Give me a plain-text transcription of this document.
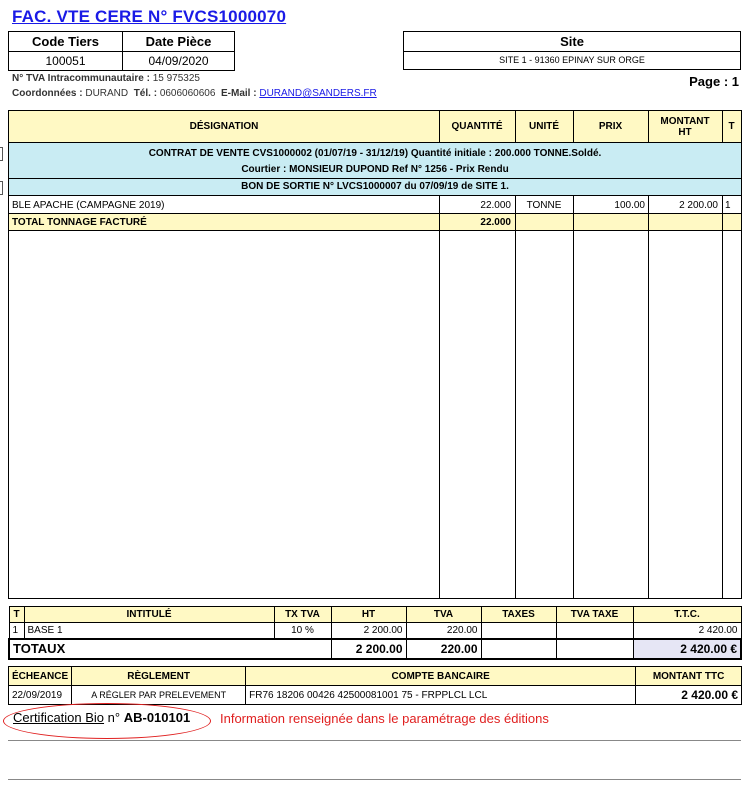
FAC. VTE CERE N° FVCS1000070
Code Tiers	Date Pièce
100051	04/09/2020
Site
SITE 1 - 91360 EPINAY SUR ORGE
N° TVA Intracommunautaire : 15 975325
Coordonnées : DURAND Tél. : 0606060606 E-Mail : DURAND@SANDERS.FR
Page : 1
DÉSIGNATION	QUANTITÉ	UNITÉ	PRIX	MONTANT HT	T
CONTRAT DE VENTE CVS1000002 (01/07/19 - 31/12/19) Quantité initiale : 200.000 TONNE.Soldé.
Courtier : MONSIEUR DUPOND Ref N° 1256 - Prix Rendu
BON DE SORTIE N° LVCS1000007 du 07/09/19 de SITE 1.
BLE APACHE (CAMPAGNE 2019)	22.000	TONNE	100.00	2 200.00 1
TOTAL TONNAGE FACTURÉ	22.000
T	INTITULÉ	TX TVA	HT	TVA	TAXES	TVA TAXE	T.T.C.
1	BASE 1	10 %	2 200.00	220.00			2 420.00
TOTAUX			2 200.00	220.00			2 420.00 €
ÉCHEANCE	RÈGLEMENT	COMPTE BANCAIRE	MONTANT TTC
22/09/2019	A RÉGLER PAR PRELEVEMENT	FR76 18206 00426 42500081001 75 - FRPPLCL LCL	2 420.00 €
Certification Bio n° AB-010101 Information renseignée dans le paramétrage des éditions
